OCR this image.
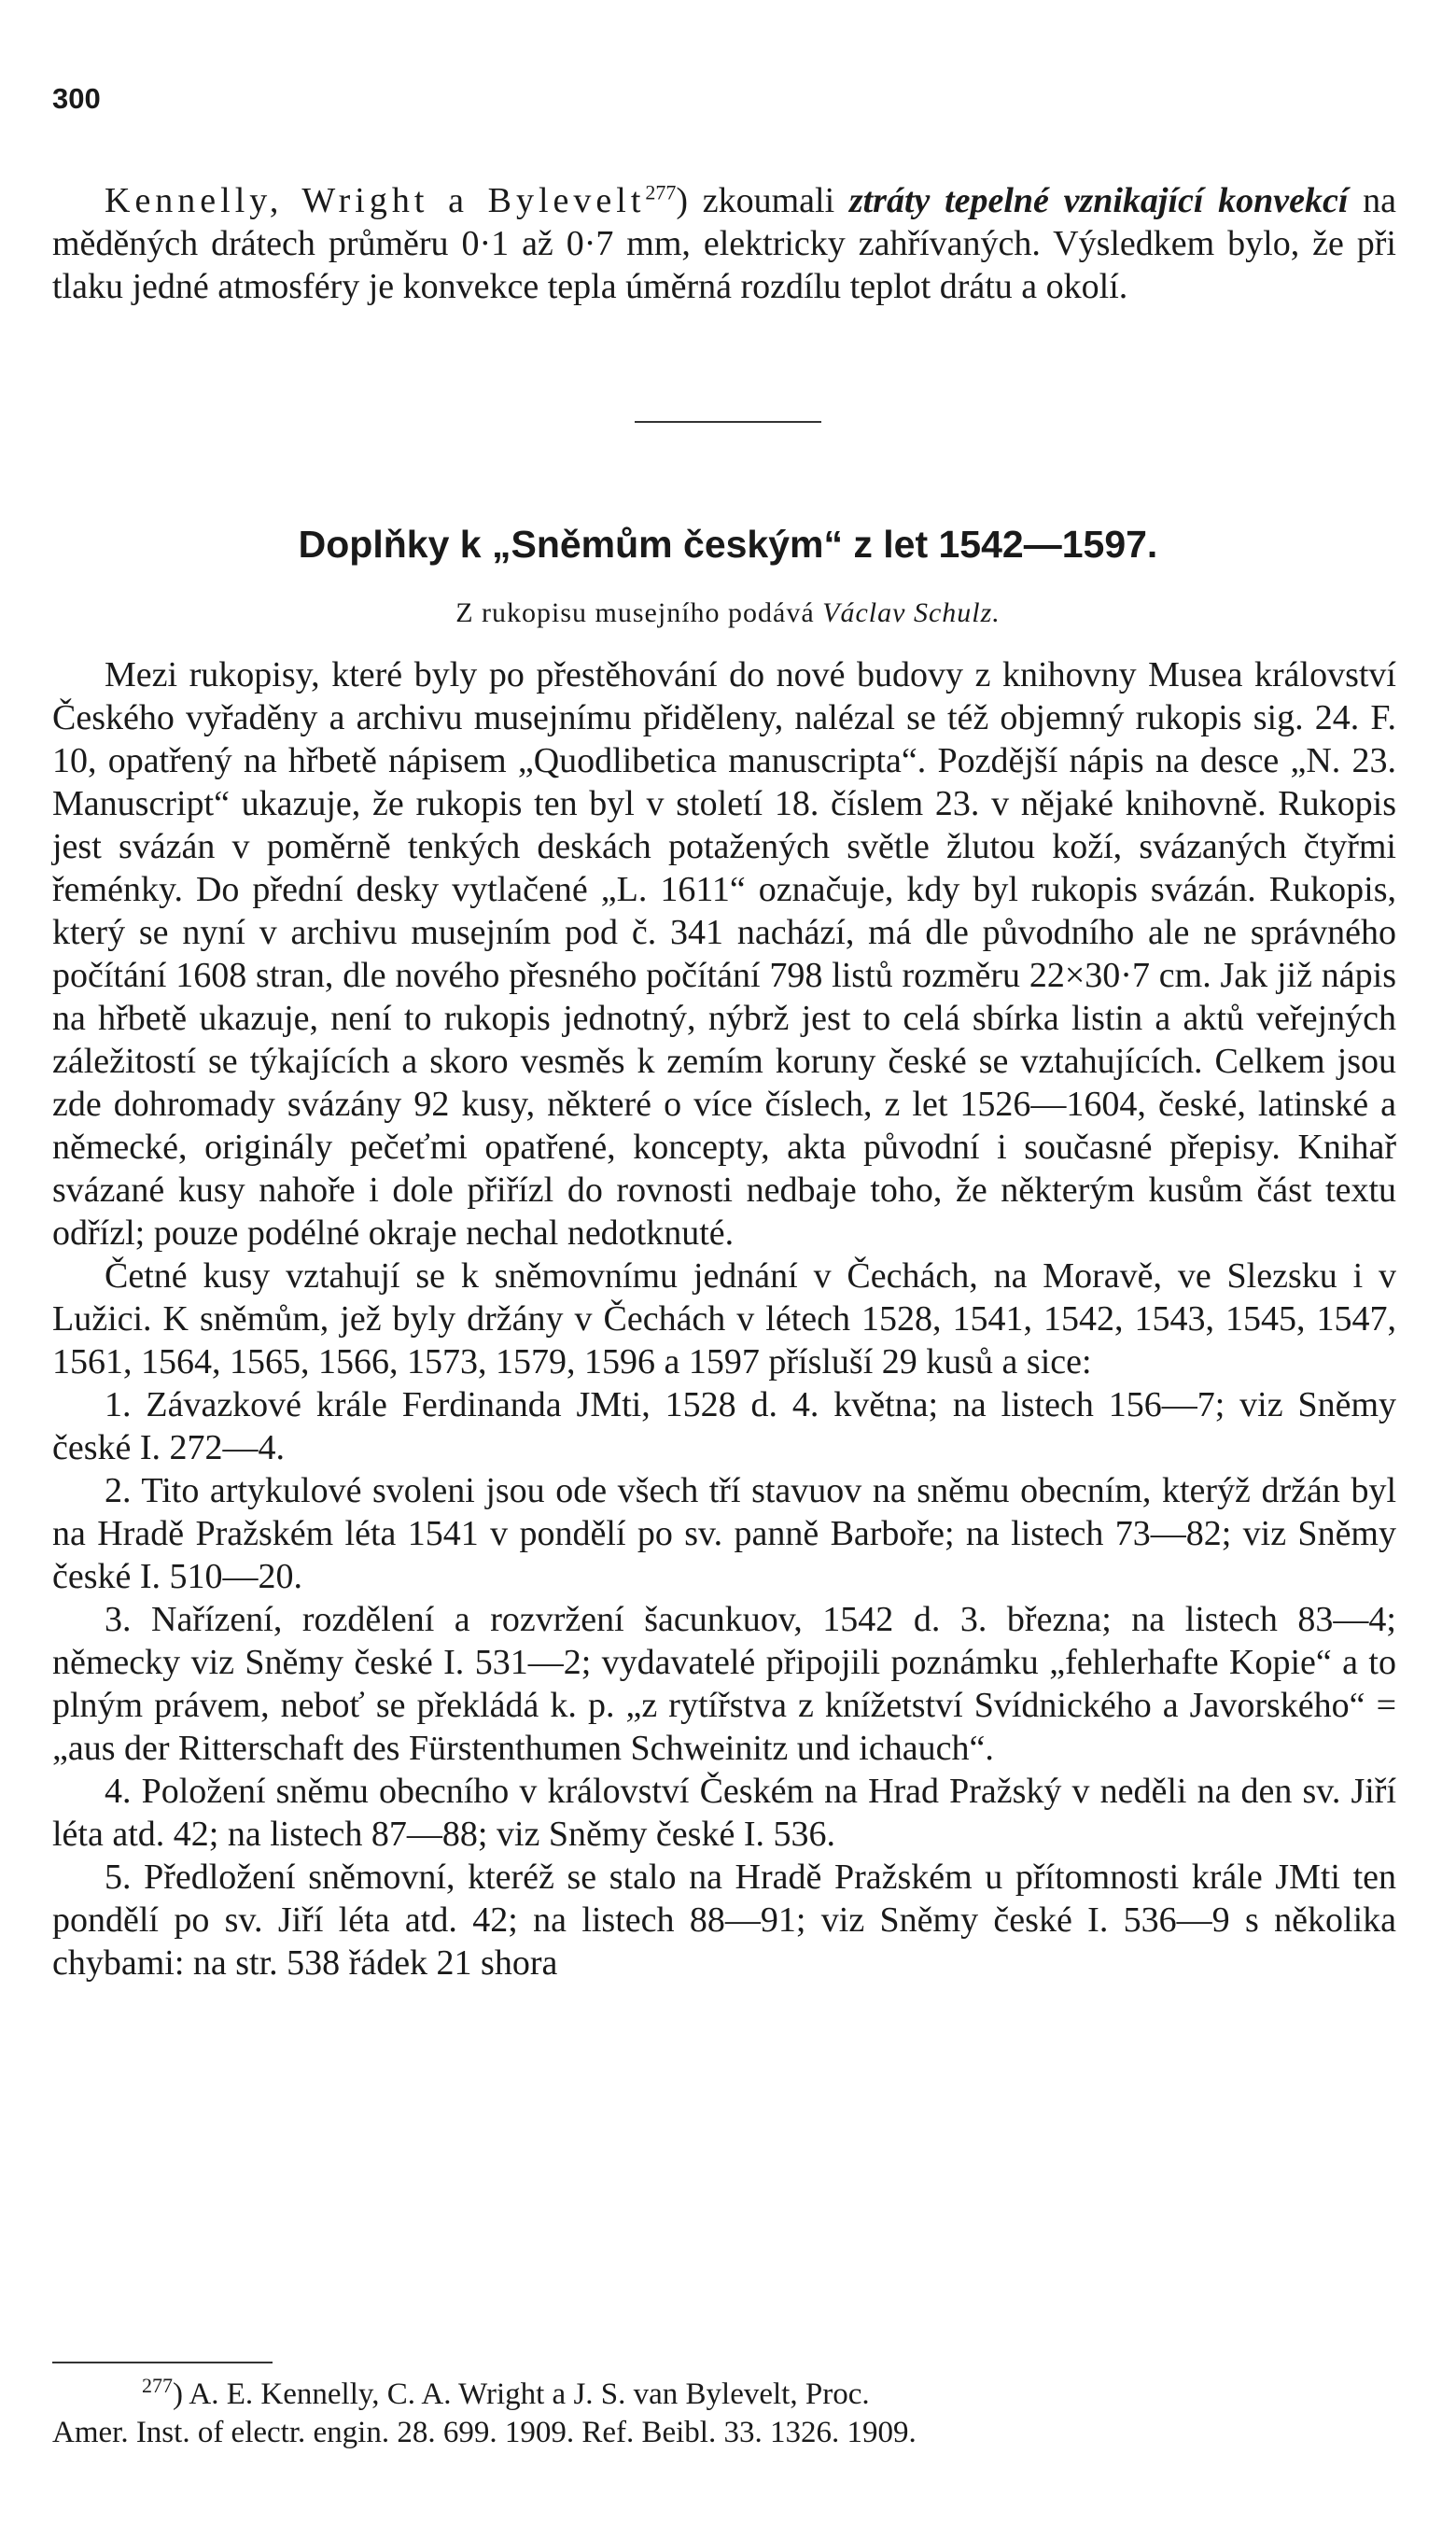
300

Kennelly, Wright a Bylevelt$^{277}$) zkoumali ztráty tepelné vznikající konvekcí na měděných drátech průměru 0·1 až 0·7 mm, elektricky zahřívaných. Výsledkem bylo, že při tlaku jedné atmosféry je konvekce tepla úměrná rozdílu teplot drátu a okolí.

Doplňky k „Sněmům českým“ z let 1542—1597.
Z rukopisu musejního podává Václav Schulz.

Mezi rukopisy, které byly po přestěhování do nové budovy z knihovny Musea království Českého vyřaděny a archivu musejnímu přiděleny, nalézal se též objemný rukopis sig. 24. F. 10, opatřený na hřbetě nápisem „Quodlibetica manuscripta“. Pozdější nápis na desce „N. 23. Manuscript“ ukazuje, že rukopis ten byl v století 18. číslem 23. v nějaké knihovně. Rukopis jest svázán v poměrně tenkých deskách potažených světle žlutou koží, svázaných čtyřmi řeménky. Do přední desky vytlačené „L. 1611“ označuje, kdy byl rukopis svázán. Rukopis, který se nyní v archivu musejním pod č. 341 nachází, má dle původního ale ne správného počítání 1608 stran, dle nového přesného počítání 798 listů rozměru 22×30·7 cm. Jak již nápis na hřbetě ukazuje, není to rukopis jednotný, nýbrž jest to celá sbírka listin a aktů veřejných záležitostí se týkajících a skoro vesměs k zemím koruny české se vztahujících. Celkem jsou zde dohromady svázány 92 kusy, některé o více číslech, z let 1526—1604, české, latinské a německé, originály pečeťmi opatřené, koncepty, akta původní i současné přepisy. Knihař svázané kusy nahoře i dole přiřízl do rovnosti nedbaje toho, že některým kusům část textu odřízl; pouze podélné okraje nechal nedotknuté.

Četné kusy vztahují se k sněmovnímu jednání v Čechách, na Moravě, ve Slezsku i v Lužici. K sněmům, jež byly držány v Čechách v létech 1528, 1541, 1542, 1543, 1545, 1547, 1561, 1564, 1565, 1566, 1573, 1579, 1596 a 1597 přísluší 29 kusů a sice:

1. Závazkové krále Ferdinanda JMti, 1528 d. 4. května; na listech 156—7; viz Sněmy české I. 272—4.

2. Tito artykulové svoleni jsou ode všech tří stavuov na sněmu obecním, kterýž držán byl na Hradě Pražském léta 1541 v pondělí po sv. panně Barboře; na listech 73—82; viz Sněmy české I. 510—20.

3. Nařízení, rozdělení a rozvržení šacunkuov, 1542 d. 3. března; na listech 83—4; německy viz Sněmy české I. 531—2; vydavatelé připojili poznámku „fehlerhafte Kopie“ a to plným právem, neboť se překládá k. p. „z rytířstva z knížetství Svídnického a Javorského“ = „aus der Ritterschaft des Fürstenthumen Schweinitz und ichauch“.

4. Položení sněmu obecního v království Českém na Hrad Pražský v neděli na den sv. Jiří léta atd. 42; na listech 87—88; viz Sněmy české I. 536.

5. Předložení sněmovní, kteréž se stalo na Hradě Pražském u přítomnosti krále JMti ten pondělí po sv. Jiří léta atd. 42; na listech 88—91; viz Sněmy české I. 536—9 s několika chybami: na str. 538 řádek 21 shora

$^{277}$) A. E. Kennelly, C. A. Wright a J. S. van Bylevelt, Proc.
Amer. Inst. of electr. engin. 28. 699. 1909. Ref. Beibl. 33. 1326. 1909.
